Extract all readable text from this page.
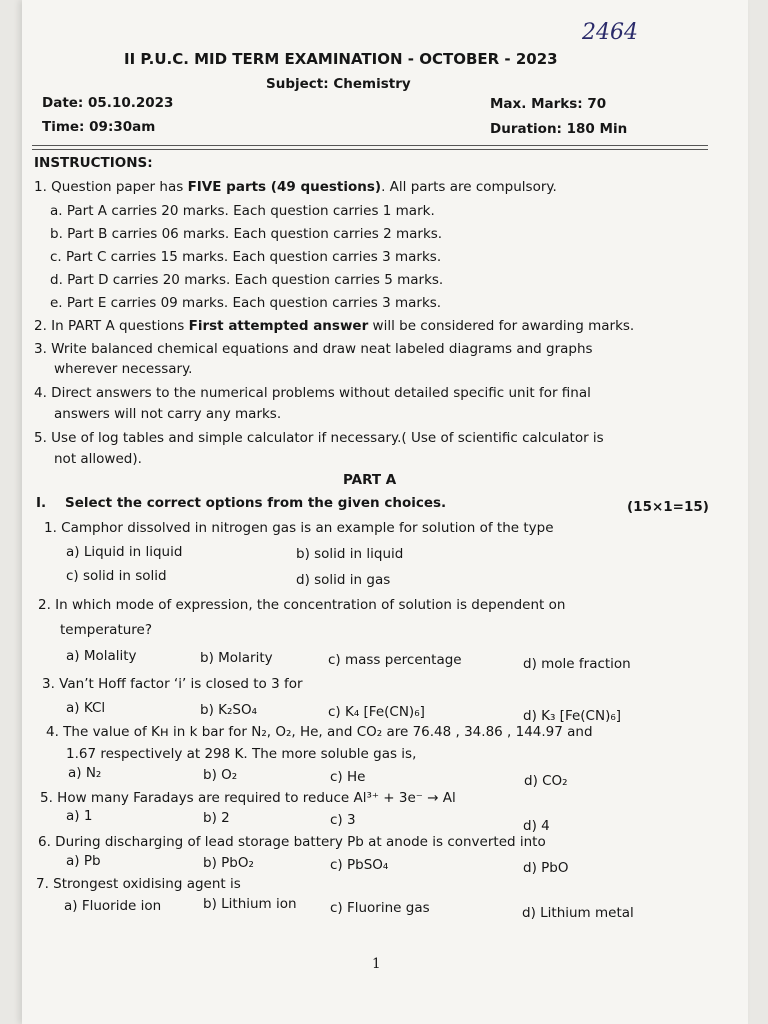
2464
II P.U.C. MID TERM EXAMINATION - OCTOBER - 2023
Subject: Chemistry
Date: 05.10.2023
Time: 09:30am
Max. Marks: 70
Duration: 180 Min
INSTRUCTIONS:
1. Question paper has FIVE parts (49 questions). All parts are compulsory.
a. Part A carries 20 marks. Each question carries 1 mark.
b. Part B carries 06 marks. Each question carries 2 marks.
c. Part C carries 15 marks. Each question carries 3 marks.
d. Part D carries 20 marks. Each question carries 5 marks.
e. Part E carries 09 marks. Each question carries 3 marks.
2. In PART A questions First attempted answer will be considered for awarding marks.
3. Write balanced chemical equations and draw neat labeled diagrams and graphs
wherever necessary.
4. Direct answers to the numerical problems without detailed specific unit for final
answers will not carry any marks.
5. Use of log tables and simple calculator if necessary.( Use of scientific calculator is
not allowed).
PART A
I. Select the correct options from the given choices.	(15×1=15)
1. Camphor dissolved in nitrogen gas is an example for solution of the type
a) Liquid in liquid	b) solid in liquid
c) solid in solid	d) solid in gas
2. In which mode of expression, the concentration of solution is dependent on
temperature?
a) Molality	b) Molarity	c) mass percentage	d) mole fraction
3. Van’t Hoff factor ‘i’ is closed to 3 for
a) KCl	b) K₂SO₄	c) K₄ [Fe(CN)₆]	d) K₃ [Fe(CN)₆]
4. The value of Kн in k bar for N₂, O₂, He, and CO₂ are 76.48 , 34.86 , 144.97 and
1.67 respectively at 298 K. The more soluble gas is,
a) N₂	b) O₂	c) He	d) CO₂
5. How many Faradays are required to reduce Al³⁺ + 3e⁻ → Al
a) 1	b) 2	c) 3	d) 4
6. During discharging of lead storage battery Pb at anode is converted into
a) Pb	b) PbO₂	c) PbSO₄	d) PbO
7. Strongest oxidising agent is
a) Fluoride ion	b) Lithium ion c) Fluorine gas	d) Lithium metal
1
